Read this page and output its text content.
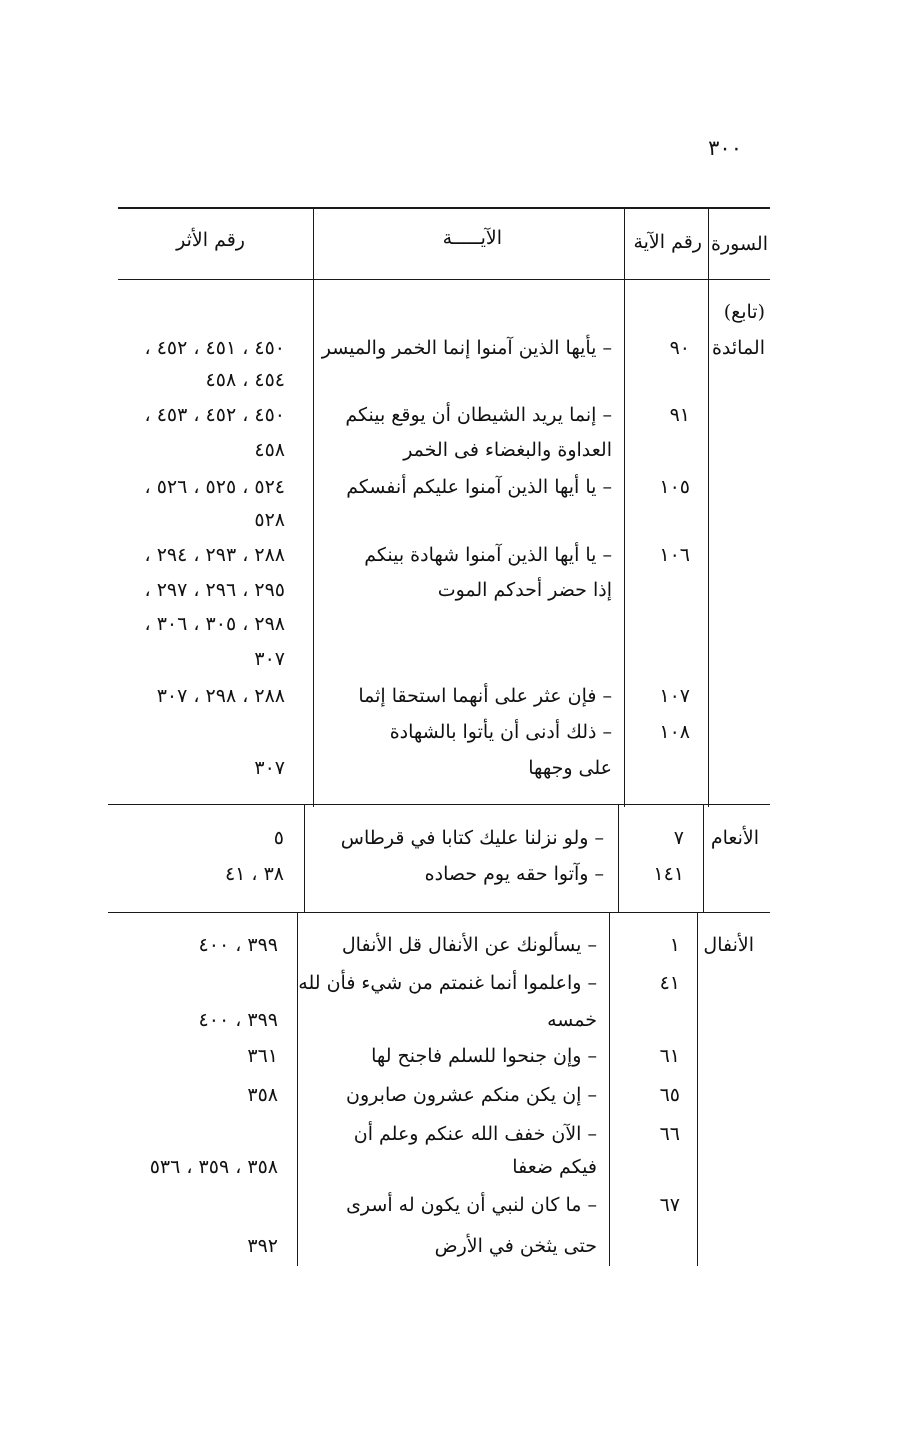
٣٠٠
السورة
رقم الآية
الآيـــــة
رقم الأثر
(تابع)
المائدة
٩٠
– يأيها الذين آمنوا إنما الخمر والميسر
٤٥٠ ، ٤٥١ ، ٤٥٢ ،
٤٥٤ ، ٤٥٨
٩١
– إنما يريد الشيطان أن يوقع بينكم
٤٥٠ ، ٤٥٢ ، ٤٥٣ ،
العداوة والبغضاء فى الخمر
٤٥٨
١٠٥
– يا أيها الذين آمنوا عليكم أنفسكم
٥٢٤ ، ٥٢٥ ، ٥٢٦ ،
٥٢٨
١٠٦
– يا أيها الذين آمنوا شهادة بينكم
٢٨٨ ، ٢٩٣ ، ٢٩٤ ،
إذا حضر أحدكم الموت
٢٩٥ ، ٢٩٦ ، ٢٩٧ ،
٢٩٨ ، ٣٠٥ ، ٣٠٦ ،
٣٠٧
١٠٧
– فإن عثر على أنهما استحقا إثما
٢٨٨ ، ٢٩٨ ، ٣٠٧
١٠٨
– ذلك أدنى أن يأتوا بالشهادة
على وجهها
٣٠٧
الأنعام
٧
– ولو نزلنا عليك كتابا في قرطاس
٥
١٤١
– وآتوا حقه يوم حصاده
٣٨ ، ٤١
الأنفال
١
– يسألونك عن الأنفال قل الأنفال
٣٩٩ ، ٤٠٠
٤١
– واعلموا أنما غنمتم من شيء فأن لله
خمسه
٣٩٩ ، ٤٠٠
٦١
– وإن جنحوا للسلم فاجنح لها
٣٦١
٦٥
– إن يكن منكم عشرون صابرون
٣٥٨
٦٦
– الآن خفف الله عنكم وعلم أن
فيكم ضعفا
٣٥٨ ، ٣٥٩ ، ٥٣٦
٦٧
– ما كان لنبي أن يكون له أسرى
حتى يثخن في الأرض
٣٩٢
